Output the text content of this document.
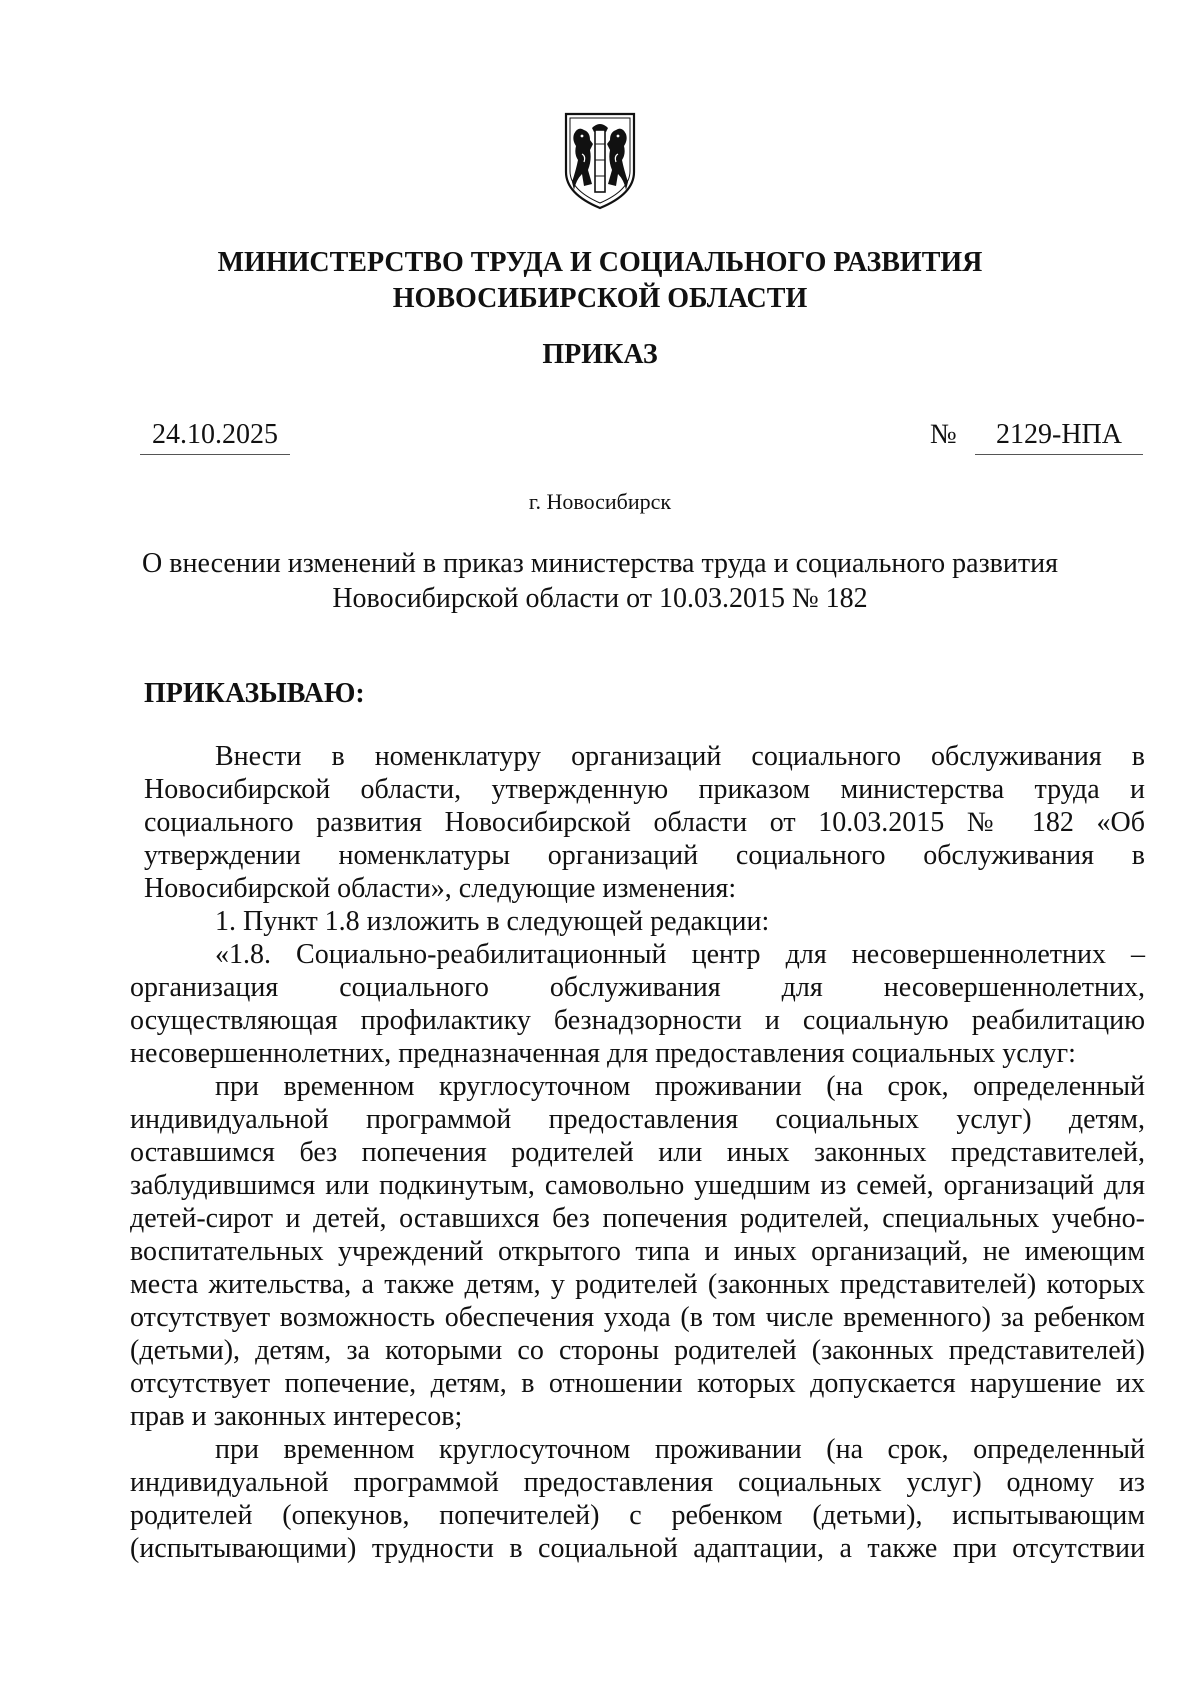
МИНИСТЕРСТВО ТРУДА И СОЦИАЛЬНОГО РАЗВИТИЯ
НОВОСИБИРСКОЙ ОБЛАСТИ
ПРИКАЗ
24.10.2025	№	2129-НПА
г. Новосибирск
О внесении изменений в приказ министерства труда и социального развития
Новосибирской области от 10.03.2015 № 182
ПРИКАЗЫВАЮ:
Внести в номенклатуру организаций социального обслуживания в
Новосибирской области, утвержденную приказом министерства труда и
социального развития Новосибирской области от 10.03.2015 № 182 «Об
утверждении номенклатуры организаций социального обслуживания в
Новосибирской области», следующие изменения:
1. Пункт 1.8 изложить в следующей редакции:
«1.8. Социально-реабилитационный центр для несовершеннолетних –
организация социального обслуживания для несовершеннолетних,
осуществляющая профилактику безнадзорности и социальную реабилитацию
несовершеннолетних, предназначенная для предоставления социальных услуг:
при временном круглосуточном проживании (на срок, определенный
индивидуальной программой предоставления социальных услуг) детям,
оставшимся без попечения родителей или иных законных представителей,
заблудившимся или подкинутым, самовольно ушедшим из семей, организаций для
детей-сирот и детей, оставшихся без попечения родителей, специальных учебно-
воспитательных учреждений открытого типа и иных организаций, не имеющим
места жительства, а также детям, у родителей (законных представителей) которых
отсутствует возможность обеспечения ухода (в том числе временного) за ребенком
(детьми), детям, за которыми со стороны родителей (законных представителей)
отсутствует попечение, детям, в отношении которых допускается нарушение их
прав и законных интересов;
при временном круглосуточном проживании (на срок, определенный
индивидуальной программой предоставления социальных услуг) одному из
родителей (опекунов, попечителей) с ребенком (детьми), испытывающим
(испытывающими) трудности в социальной адаптации, а также при отсутствии
